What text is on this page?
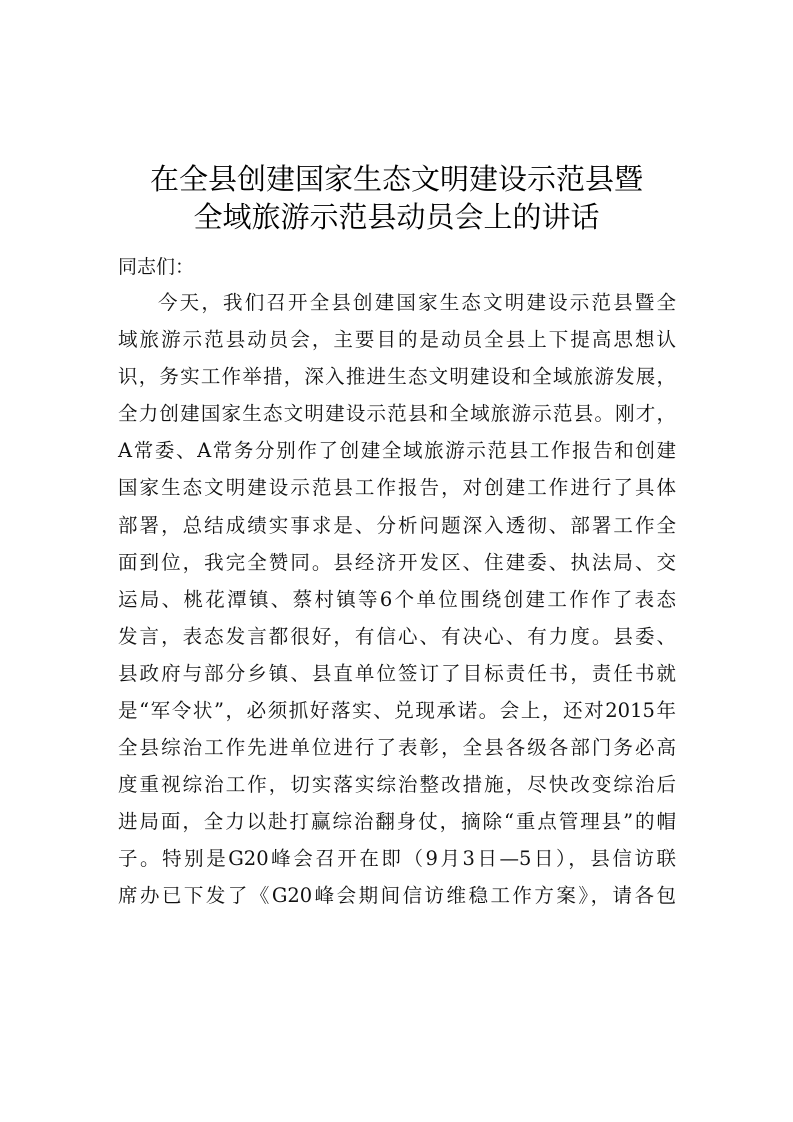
在全县创建国家生态文明建设示范县暨
全域旅游示范县动员会上的讲话
同志们：
今天，我们召开全县创建国家生态文明建设示范县暨全
域旅游示范县动员会，主要目的是动员全县上下提高思想认
识，务实工作举措，深入推进生态文明建设和全域旅游发展，
全力创建国家生态文明建设示范县和全域旅游示范县。刚才，
A常委、A常务分别作了创建全域旅游示范县工作报告和创建
国家生态文明建设示范县工作报告，对创建工作进行了具体
部署，总结成绩实事求是、分析问题深入透彻、部署工作全
面到位，我完全赞同。县经济开发区、住建委、执法局、交
运局、桃花潭镇、蔡村镇等6个单位围绕创建工作作了表态
发言，表态发言都很好，有信心、有决心、有力度。县委、
县政府与部分乡镇、县直单位签订了目标责任书，责任书就
是“军令状”，必须抓好落实、兑现承诺。会上，还对2015年
全县综治工作先进单位进行了表彰，全县各级各部门务必高
度重视综治工作，切实落实综治整改措施，尽快改变综治后
进局面，全力以赴打赢综治翻身仗，摘除“重点管理县”的帽
子。特别是G20峰会召开在即（9月3日—5日），县信访联
席办已下发了《G20峰会期间信访维稳工作方案》，请各包
